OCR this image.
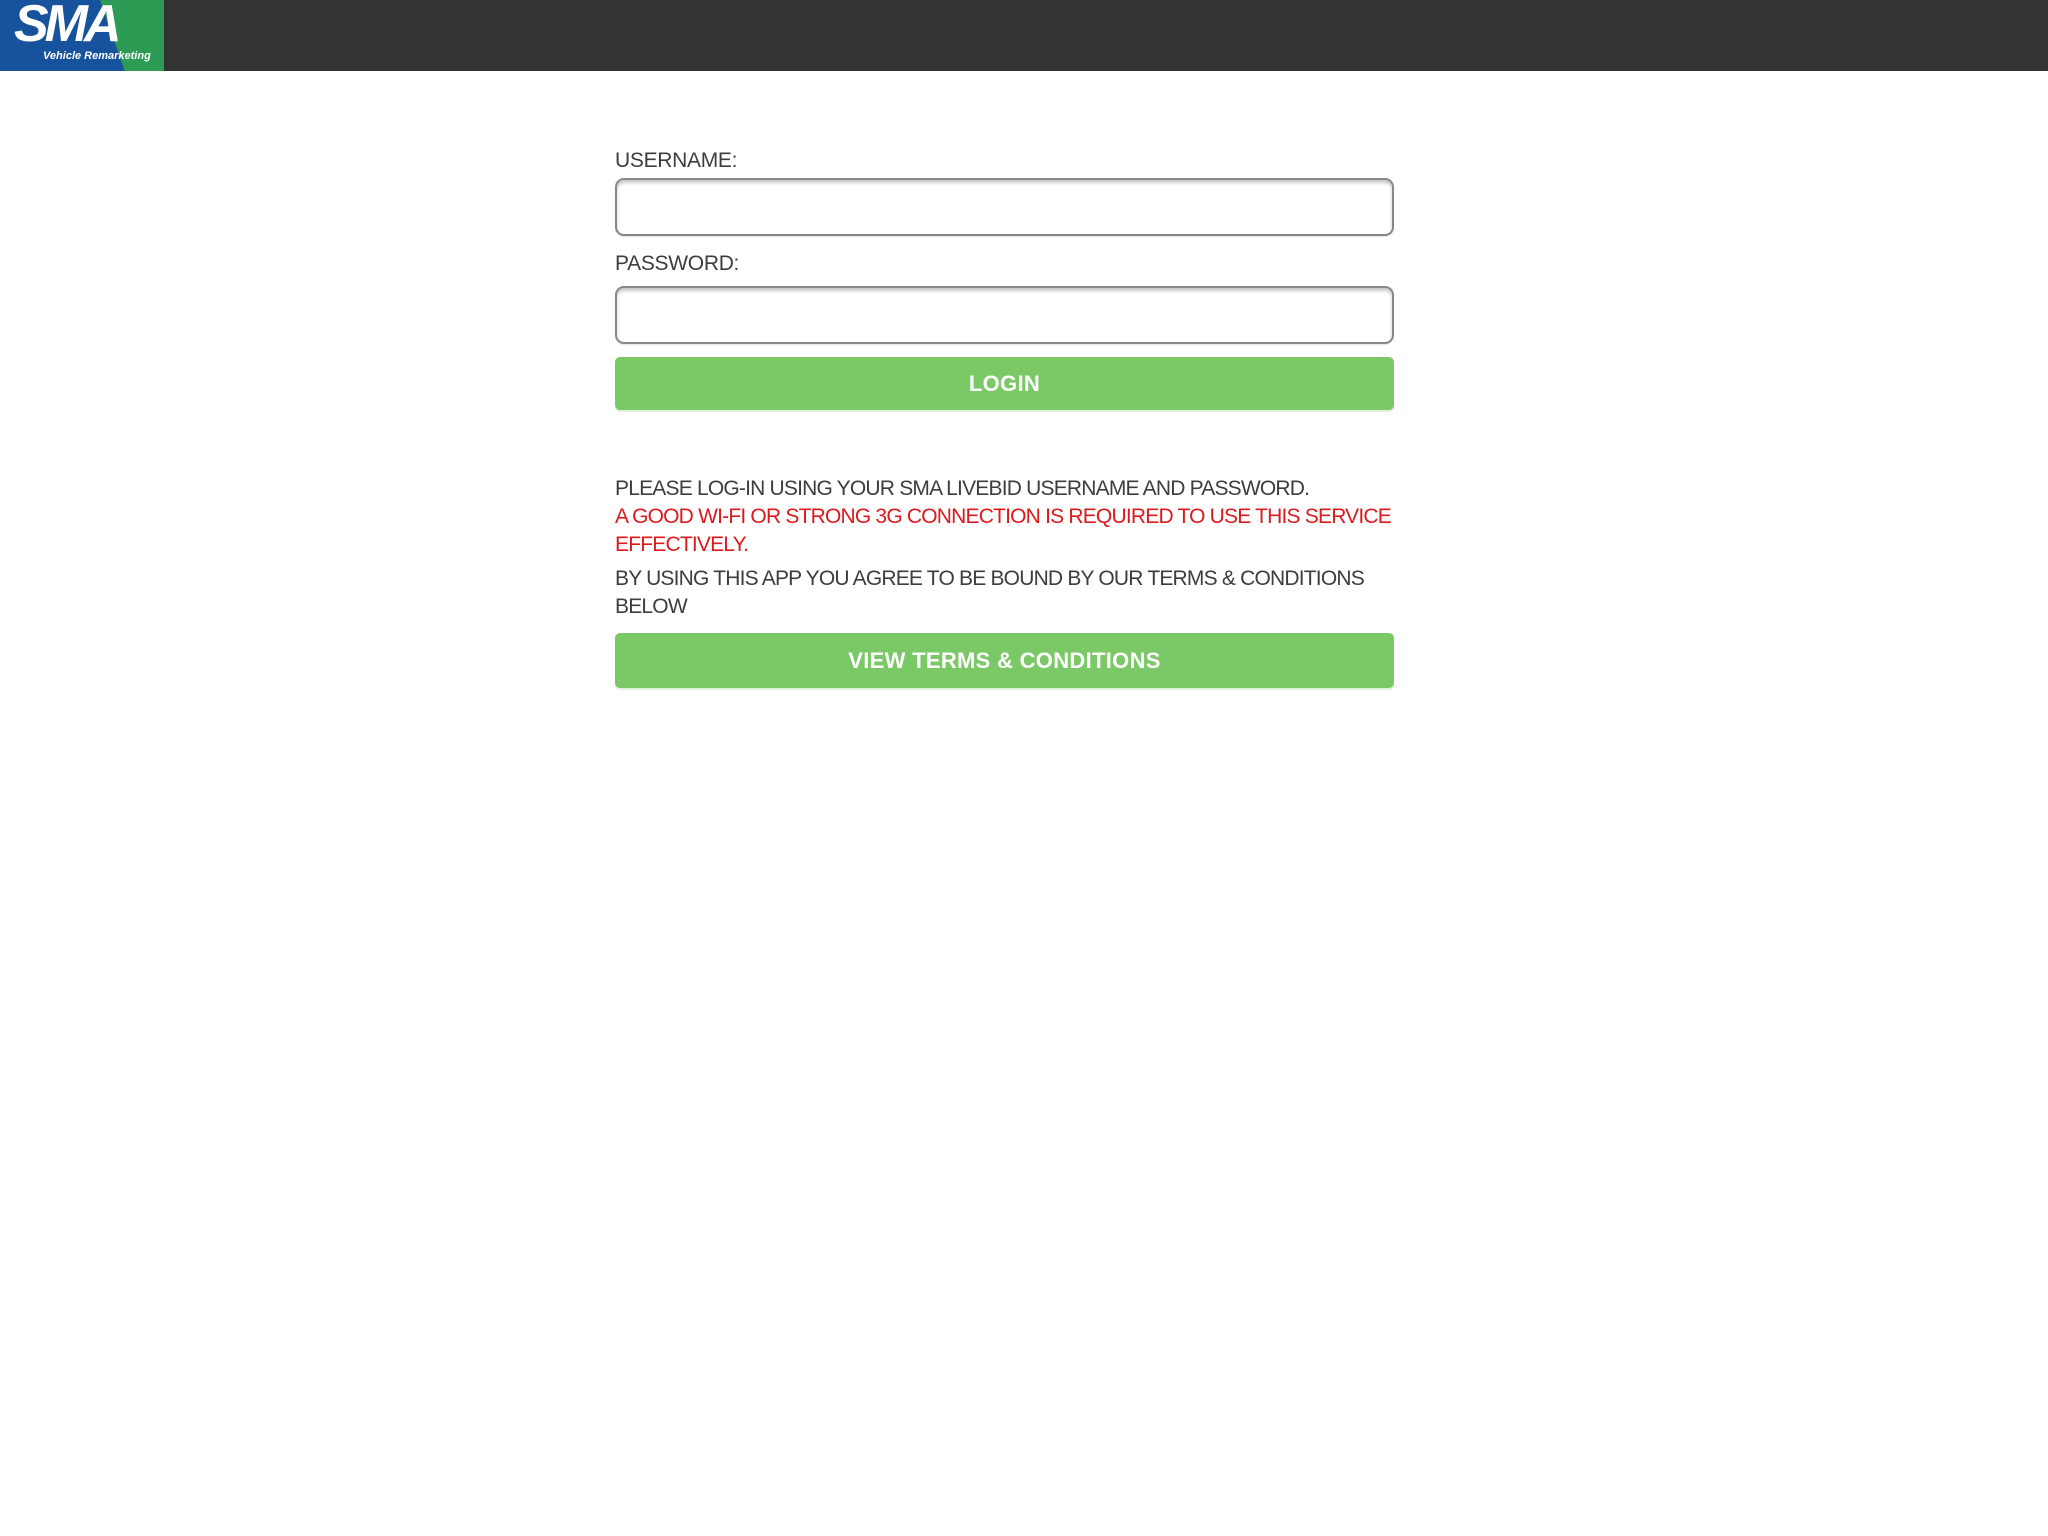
SMA
Vehicle Remarketing
USERNAME:
PASSWORD:
LOGIN

PLEASE LOG-IN USING YOUR SMA LIVEBID USERNAME AND PASSWORD.

A GOOD WI-FI OR STRONG 3G CONNECTION IS REQUIRED TO USE THIS SERVICE EFFECTIVELY.

BY USING THIS APP YOU AGREE TO BE BOUND BY OUR TERMS & CONDITIONS BELOW

VIEW TERMS & CONDITIONS
